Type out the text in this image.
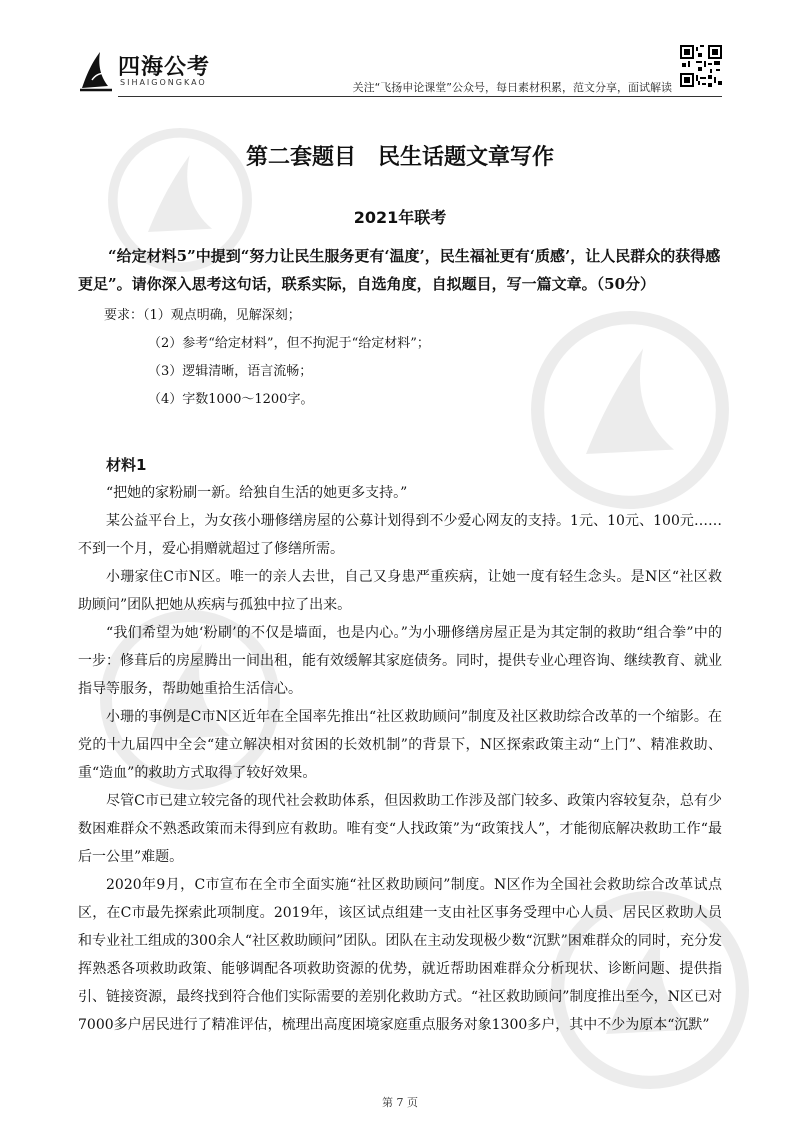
四海公考
SIHAIGONGKAO	关注“飞扬申论课堂”公众号，每日素材积累，范文分享，面试解读
第二套题目　民生话题文章写作
2021年联考

“给定材料5”中提到“努力让民生服务更有‘温度’，民生福祉更有‘质感’，让人民群众的获得感更足”。请你深入思考这句话，联系实际，自选角度，自拟题目，写一篇文章。（50分）

要求：（1）观点明确，见解深刻；

（2）参考“给定材料”，但不拘泥于“给定材料”；

（3）逻辑清晰，语言流畅；

（4）字数1000～1200字。

材料1

“把她的家粉刷一新。给独自生活的她更多支持。”

某公益平台上，为女孩小珊修缮房屋的公募计划得到不少爱心网友的支持。1元、10元、100元……不到一个月，爱心捐赠就超过了修缮所需。

小珊家住C市N区。唯一的亲人去世，自己又身患严重疾病，让她一度有轻生念头。是N区“社区救助顾问”团队把她从疾病与孤独中拉了出来。

“我们希望为她‘粉刷’的不仅是墙面，也是内心。”为小珊修缮房屋正是为其定制的救助“组合拳”中的一步：修葺后的房屋腾出一间出租，能有效缓解其家庭债务。同时，提供专业心理咨询、继续教育、就业指导等服务，帮助她重拾生活信心。

小珊的事例是C市N区近年在全国率先推出“社区救助顾问”制度及社区救助综合改革的一个缩影。在党的十九届四中全会“建立解决相对贫困的长效机制”的背景下，N区探索政策主动“上门”、精准救助、重“造血”的救助方式取得了较好效果。

尽管C市已建立较完备的现代社会救助体系，但因救助工作涉及部门较多、政策内容较复杂，总有少数困难群众不熟悉政策而未得到应有救助。唯有变“人找政策”为“政策找人”，才能彻底解决救助工作“最后一公里”难题。

2020年9月，C市宣布在全市全面实施“社区救助顾问”制度。N区作为全国社会救助综合改革试点区，在C市最先探索此项制度。2019年，该区试点组建一支由社区事务受理中心人员、居民区救助人员和专业社工组成的300余人“社区救助顾问”团队。团队在主动发现极少数“沉默”困难群众的同时，充分发挥熟悉各项救助政策、能够调配各项救助资源的优势，就近帮助困难群众分析现状、诊断问题、提供指引、链接资源，最终找到符合他们实际需要的差别化救助方式。“社区救助顾问”制度推出至今，N区已对7000多户居民进行了精准评估，梳理出高度困境家庭重点服务对象1300多户，其中不少为原本“沉默”

第 7 页
